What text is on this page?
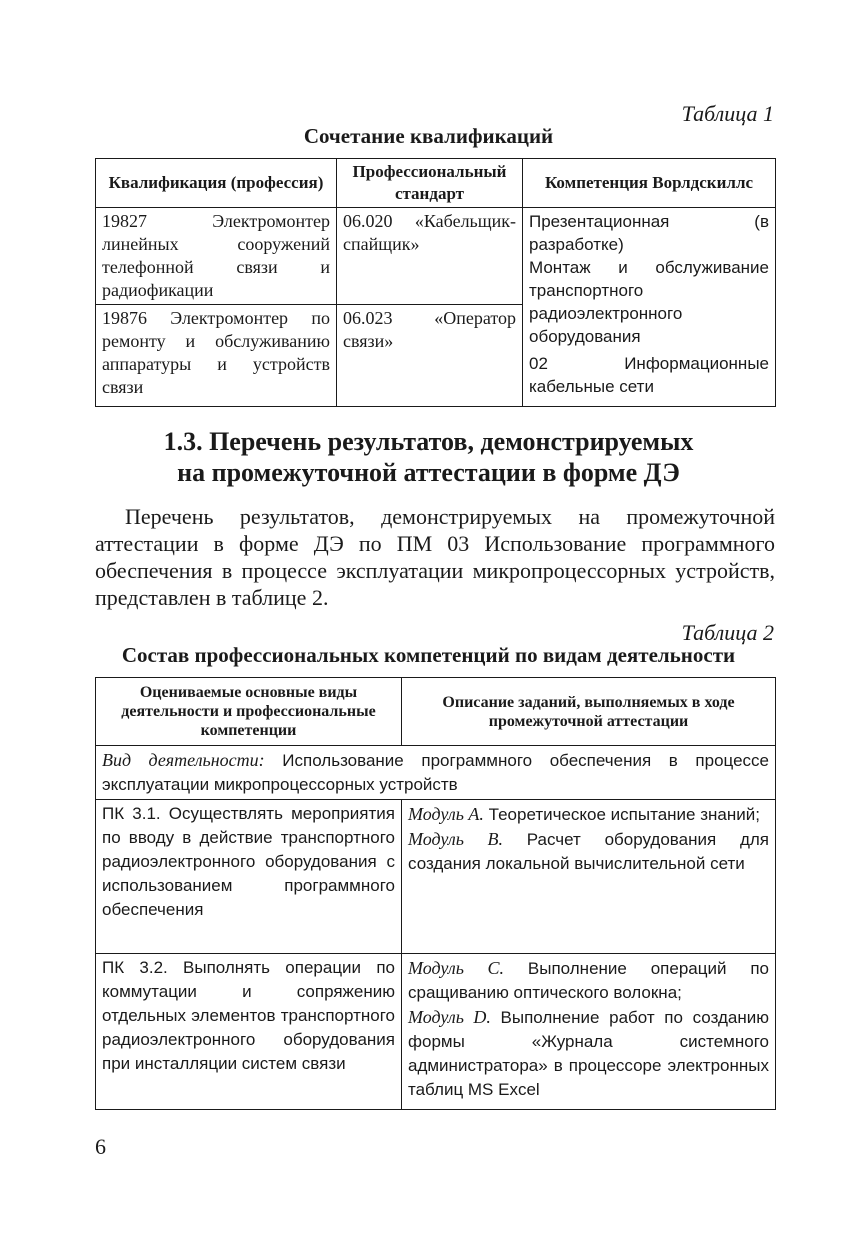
Таблица 1
Сочетание квалификаций
Квалификация (профессия)	Профессиональный стандарт	Компетенция Ворлдскиллс
19827 Электромонтер линейных сооружений телефонной связи и радиофикации	06.020 «Кабельщик-спайщик»	Презентационная (в разработке)
Монтаж и обслуживание транспортного радиоэлектронного оборудования
02 Информационные кабельные сети

19876 Электромонтер по ремонту и обслуживанию аппаратуры и устройств связи	06.023 «Оператор связи»	
1.3. Перечень результатов, демонстрируемых
на промежуточной аттестации в форме ДЭ
Перечень результатов, демонстрируемых на промежуточной аттестации в форме ДЭ по ПМ 03 Использование программного обеспечения в процессе эксплуатации микропроцессорных устройств, представлен в таблице 2.
Таблица 2
Состав профессиональных компетенций по видам деятельности
Оцениваемые основные виды деятельности и профессиональные компетенции	Описание заданий, выполняемых в ходе промежуточной аттестации
Вид деятельности: Использование программного обеспечения в процессе эксплуатации микропроцессорных устройств	
ПК 3.1. Осуществлять мероприятия по вводу в действие транспортного радиоэлектронного оборудования с использованием программного обеспечения	Модуль А. Теоретическое испытание знаний;
Модуль В. Расчет оборудования для создания локальной вычислительной сети

ПК 3.2. Выполнять операции по коммутации и сопряжению отдельных элементов транспортного радиоэлектронного оборудования при инсталляции систем связи	Модуль С. Выполнение операций по сращиванию оптического волокна;
Модуль D. Выполнение работ по созданию формы «Журнала системного администратора» в процессоре электронных таблиц MS Excel
6
